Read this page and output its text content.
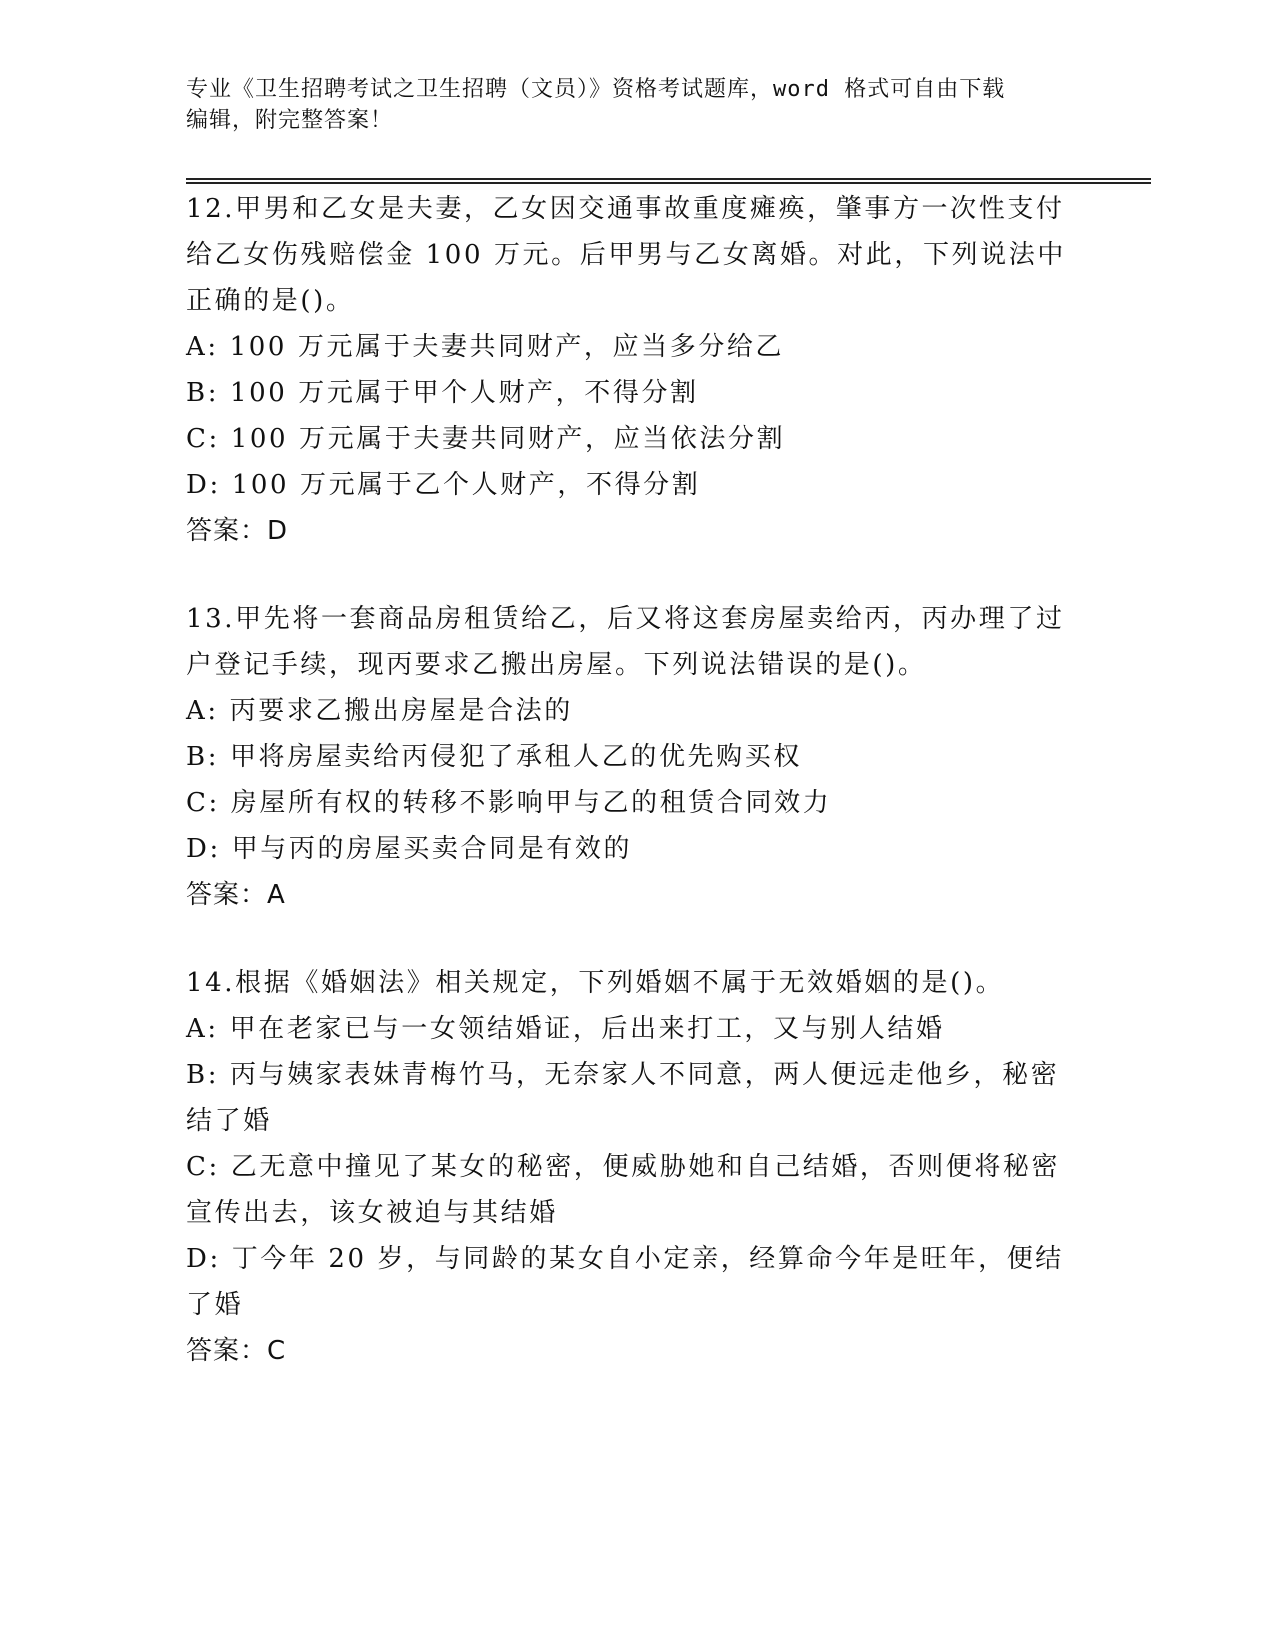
专业《卫生招聘考试之卫生招聘（文员）》资格考试题库，word 格式可自由下载
编辑，附完整答案！
12.甲男和乙女是夫妻，乙女因交通事故重度瘫痪，肇事方一次性支付
给乙女伤残赔偿金 100 万元。后甲男与乙女离婚。对此，下列说法中
正确的是()。
A: 100 万元属于夫妻共同财产，应当多分给乙
B: 100 万元属于甲个人财产，不得分割
C: 100 万元属于夫妻共同财产，应当依法分割
D: 100 万元属于乙个人财产，不得分割
答案：D
13.甲先将一套商品房租赁给乙，后又将这套房屋卖给丙，丙办理了过
户登记手续，现丙要求乙搬出房屋。下列说法错误的是()。
A: 丙要求乙搬出房屋是合法的
B: 甲将房屋卖给丙侵犯了承租人乙的优先购买权
C: 房屋所有权的转移不影响甲与乙的租赁合同效力
D: 甲与丙的房屋买卖合同是有效的
答案：A
14.根据《婚姻法》相关规定，下列婚姻不属于无效婚姻的是()。
A: 甲在老家已与一女领结婚证，后出来打工，又与别人结婚
B: 丙与姨家表妹青梅竹马，无奈家人不同意，两人便远走他乡，秘密
结了婚
C: 乙无意中撞见了某女的秘密，便威胁她和自己结婚，否则便将秘密
宣传出去，该女被迫与其结婚
D: 丁今年 20 岁，与同龄的某女自小定亲，经算命今年是旺年，便结
了婚
答案：C
